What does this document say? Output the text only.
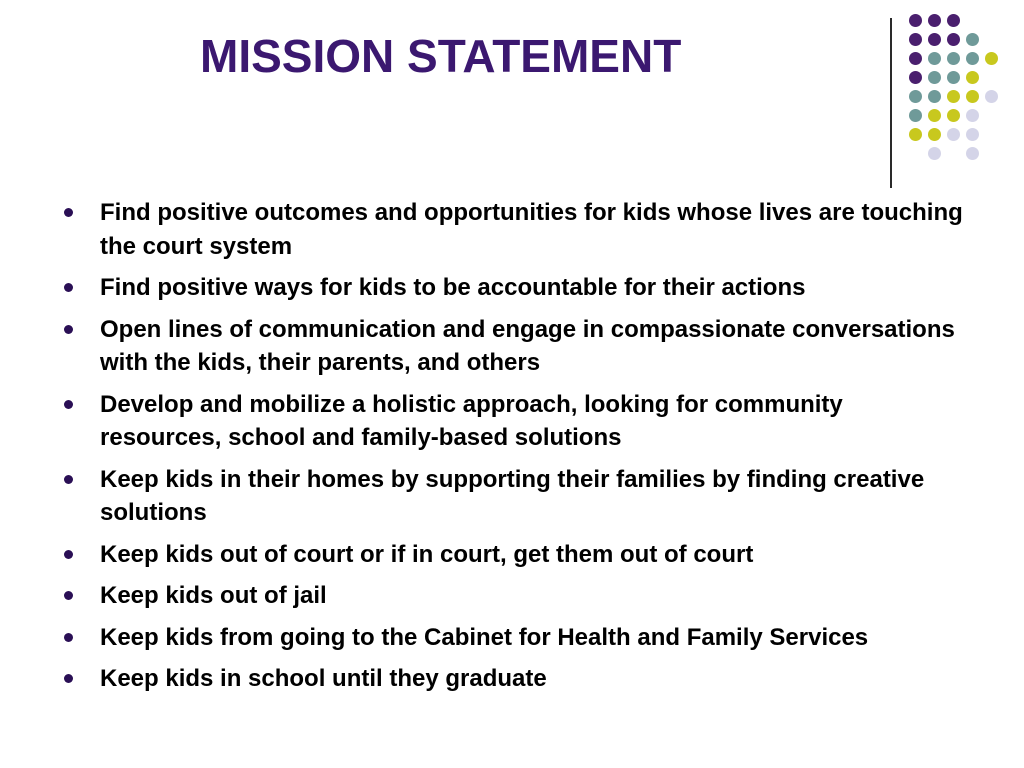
MISSION STATEMENT
Find positive outcomes and opportunities for kids whose lives are touching the court system
Find positive ways for kids to be accountable for their actions
Open lines of communication and engage in compassionate conversations with the kids, their parents, and others
Develop and mobilize a holistic approach, looking for community resources, school and family-based solutions
Keep kids in their homes by supporting their families by finding creative solutions
Keep kids out of court or if in court, get them out of court
Keep kids out of jail
Keep kids from going to the Cabinet for Health and Family Services
Keep kids in school until they graduate
